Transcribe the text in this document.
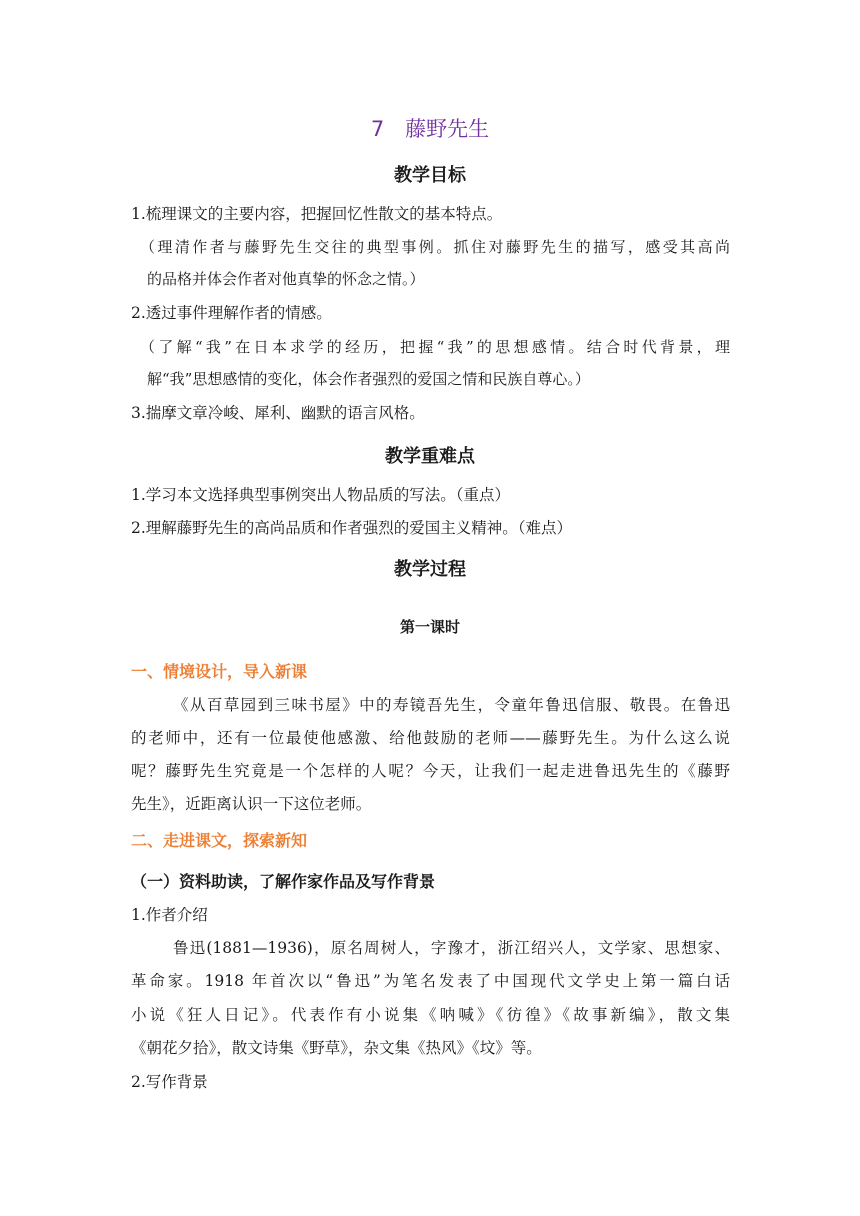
7　藤野先生
教学目标
1.梳理课文的主要内容，把握回忆性散文的基本特点。
（理清作者与藤野先生交往的典型事例。抓住对藤野先生的描写，感受其高尚
的品格并体会作者对他真挚的怀念之情。）
2.透过事件理解作者的情感。
（了解“我”在日本求学的经历，把握“我”的思想感情。结合时代背景，理
解“我”思想感情的变化，体会作者强烈的爱国之情和民族自尊心。）
3.揣摩文章冷峻、犀利、幽默的语言风格。
教学重难点
1.学习本文选择典型事例突出人物品质的写法。（重点）
2.理解藤野先生的高尚品质和作者强烈的爱国主义精神。（难点）
教学过程
第一课时
一、情境设计，导入新课
《从百草园到三味书屋》中的寿镜吾先生，令童年鲁迅信服、敬畏。在鲁迅
的老师中，还有一位最使他感激、给他鼓励的老师——藤野先生。为什么这么说
呢？藤野先生究竟是一个怎样的人呢？今天，让我们一起走进鲁迅先生的《藤野
先生》，近距离认识一下这位老师。
二、走进课文，探索新知
（一）资料助读，了解作家作品及写作背景
1.作者介绍
鲁迅(1881—1936)，原名周树人，字豫才，浙江绍兴人，文学家、思想家、
革命家。1918 年首次以“鲁迅”为笔名发表了中国现代文学史上第一篇白话
小说《狂人日记》。代表作有小说集《呐喊》《彷徨》《故事新编》，散文集
《朝花夕拾》，散文诗集《野草》，杂文集《热风》《坟》等。
2.写作背景
